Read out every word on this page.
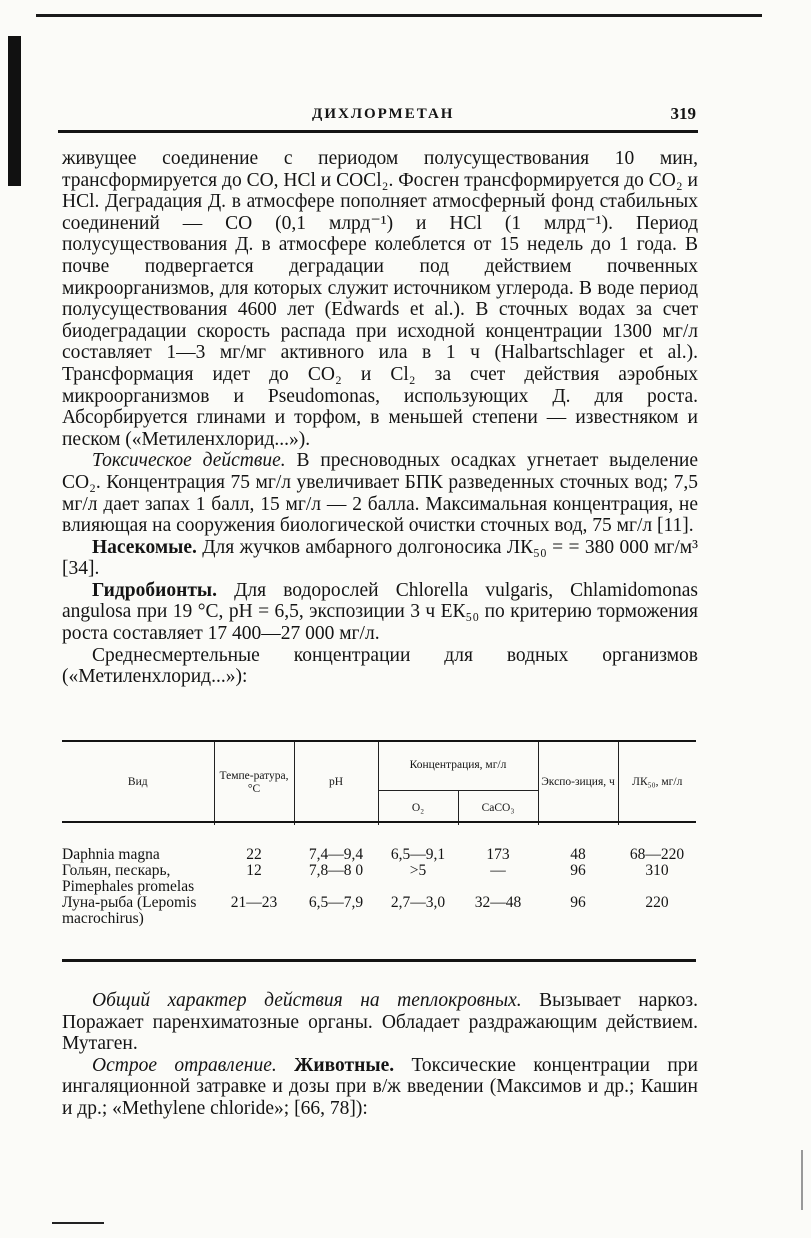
ДИХЛОРМЕТАН	319

живущее соединение с периодом полусуществования 10 мин, трансформируется до CO, HCl и COCl₂. Фосген трансформируется до CO₂ и HCl. Деградация Д. в атмосфере пополняет атмосферный фонд стабильных соединений — CO (0,1 млрд⁻¹) и HCl (1 млрд⁻¹). Период полусуществования Д. в атмосфере колеблется от 15 недель до 1 года. В почве подвергается деградации под действием почвенных микроорганизмов, для которых служит источником углерода. В воде период полусуществования 4600 лет (Edwards et al.). В сточных водах за счет биодеградации скорость распада при исходной концентрации 1300 мг/л составляет 1—3 мг/мг активного ила в 1 ч (Halbartschlager et al.). Трансформация идет до CO₂ и Cl₂ за счет действия аэробных микроорганизмов и Pseudomonas, использующих Д. для роста. Абсорбируется глинами и торфом, в меньшей степени — известняком и песком («Метиленхлорид...»).

Токсическое действие. В пресноводных осадках угнетает выделение CO₂. Концентрация 75 мг/л увеличивает БПК разведенных сточных вод; 7,5 мг/л дает запах 1 балл, 15 мг/л — 2 балла. Максимальная концентрация, не влияющая на сооружения биологической очистки сточных вод, 75 мг/л [11].

Насекомые. Для жучков амбарного долгоносика ЛК₅₀ = = 380 000 мг/м³ [34].

Гидробионты. Для водорослей Chlorella vulgaris, Chlamidomonas angulosa при 19 °C, pH = 6,5, экспозиции 3 ч ЕК₅₀ по критерию торможения роста составляет 17 400—27 000 мг/л.

Среднесмертельные концентрации для водных организмов («Метиленхлорид...»):

Вид	Темпе-ратура, °С	pH	Концентрация, мг/л		Экспо-зиция, ч	ЛК₅₀, мг/л
			O₂	CaCO₃		
Daphnia magna	22	7,4—9,4	6,5—9,1	173	48	68—220
Гольян, пескарь, Pimephales promelas	12	7,8—8 0	>5	—	96	310
Луна-рыба (Lepomis macrochirus)	21—23	6,5—7,9	2,7—3,0	32—48	96	220

Общий характер действия на теплокровных. Вызывает наркоз. Поражает паренхиматозные органы. Обладает раздражающим действием. Мутаген.

Острое отравление. Животные. Токсические концентрации при ингаляционной затравке и дозы при в/ж введении (Максимов и др.; Кашин и др.; «Methylene chloride»; [66, 78]):
